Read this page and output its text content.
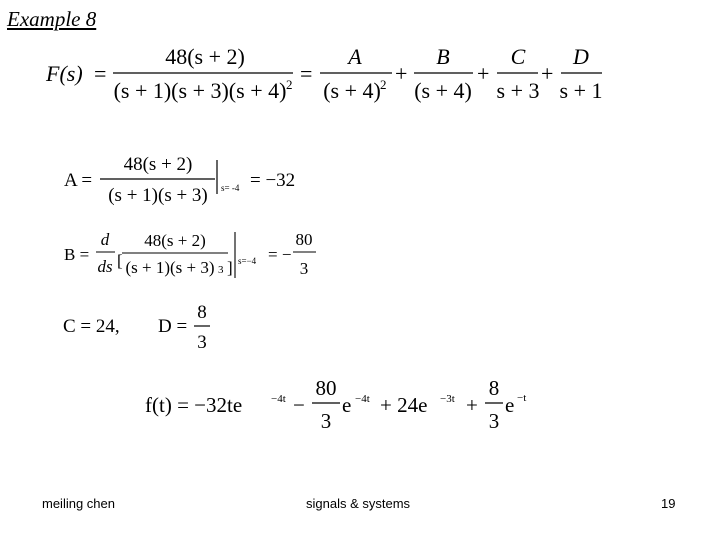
Example 8
F(s) =
48(s + 2)
(s + 1)(s + 3)(s + 4) 2 =
A
(s + 4) 2 +
B
(s + 4)
+
C
s + 3
+
D
s + 1
A =
48(s + 2)
(s + 1)(s + 3) s= -4 = −32
B =
d
ds [
48(s + 2)
(s + 1)(s + 3) 3 ] s=−4 = −
80
3
C = 24, D =
8
3
f(t) = −32te	−4t −
80
3
e −4t + 24e −3t +
8
3
e −t
meiling chen	signals & systems	19
